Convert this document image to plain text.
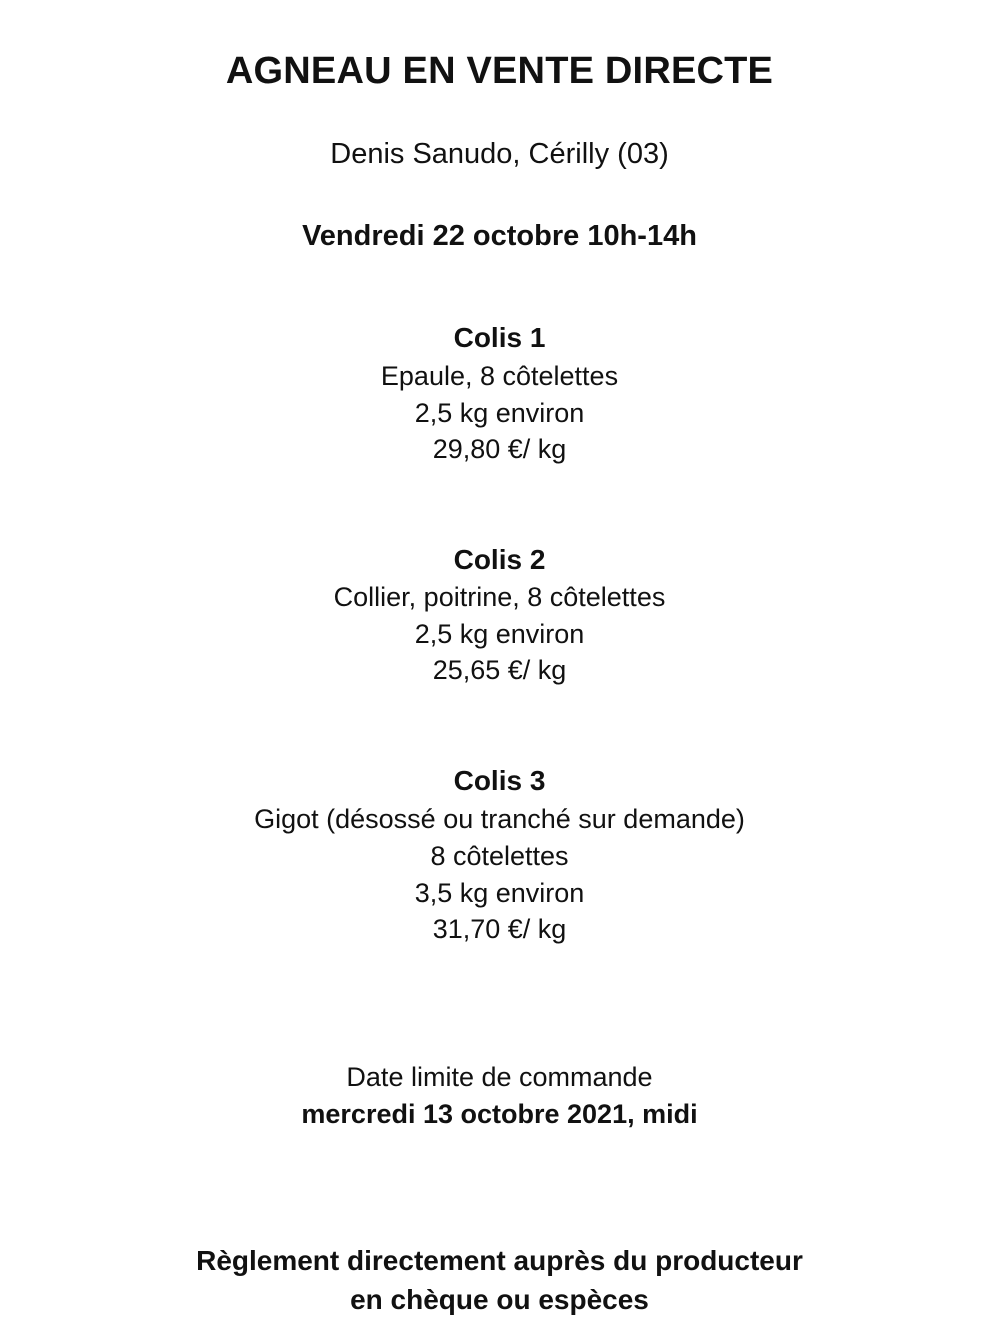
AGNEAU EN VENTE DIRECTE
Denis Sanudo, Cérilly (03)
Vendredi 22 octobre 10h-14h
Colis 1
Epaule, 8 côtelettes
2,5 kg environ
29,80 €/ kg
Colis 2
Collier, poitrine, 8 côtelettes
2,5 kg environ
25,65 €/ kg
Colis 3
Gigot (désossé ou tranché sur demande)
8 côtelettes
3,5 kg environ
31,70 €/ kg
Date limite de commande
mercredi 13 octobre 2021, midi
Règlement directement auprès du producteur
en chèque ou espèces
